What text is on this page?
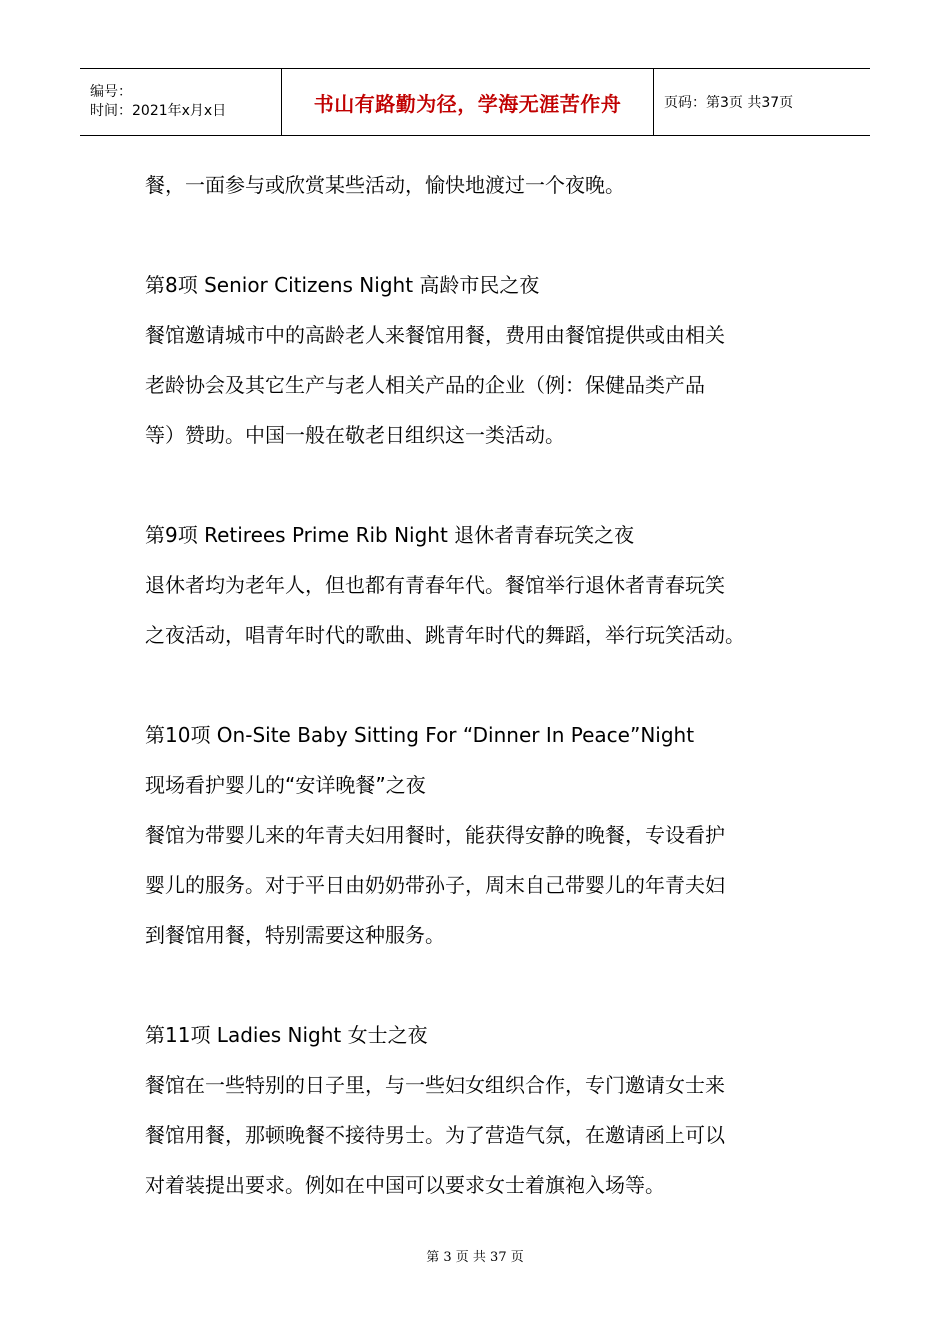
编号：
时间：2021年x月x日	书山有路勤为径，学海无涯苦作舟	页码：第3页 共37页

餐，一面参与或欣赏某些活动，愉快地渡过一个夜晚。

第8项 Senior Citizens Night 高龄市民之夜

餐馆邀请城市中的高龄老人来餐馆用餐，费用由餐馆提供或由相关

老龄协会及其它生产与老人相关产品的企业（例：保健品类产品

等）赞助。中国一般在敬老日组织这一类活动。

第9项 Retirees Prime Rib Night 退休者青春玩笑之夜

退休者均为老年人，但也都有青春年代。餐馆举行退休者青春玩笑

之夜活动，唱青年时代的歌曲、跳青年时代的舞蹈，举行玩笑活动。

第10项 On-Site Baby Sitting For “Dinner In Peace”Night

现场看护婴儿的“安详晚餐”之夜

餐馆为带婴儿来的年青夫妇用餐时，能获得安静的晚餐，专设看护

婴儿的服务。对于平日由奶奶带孙子，周末自己带婴儿的年青夫妇

到餐馆用餐，特别需要这种服务。

第11项 Ladies Night 女士之夜

餐馆在一些特别的日子里，与一些妇女组织合作，专门邀请女士来

餐馆用餐，那顿晚餐不接待男士。为了营造气氛，在邀请函上可以

对着装提出要求。例如在中国可以要求女士着旗袍入场等。

第 3 页 共 37 页
